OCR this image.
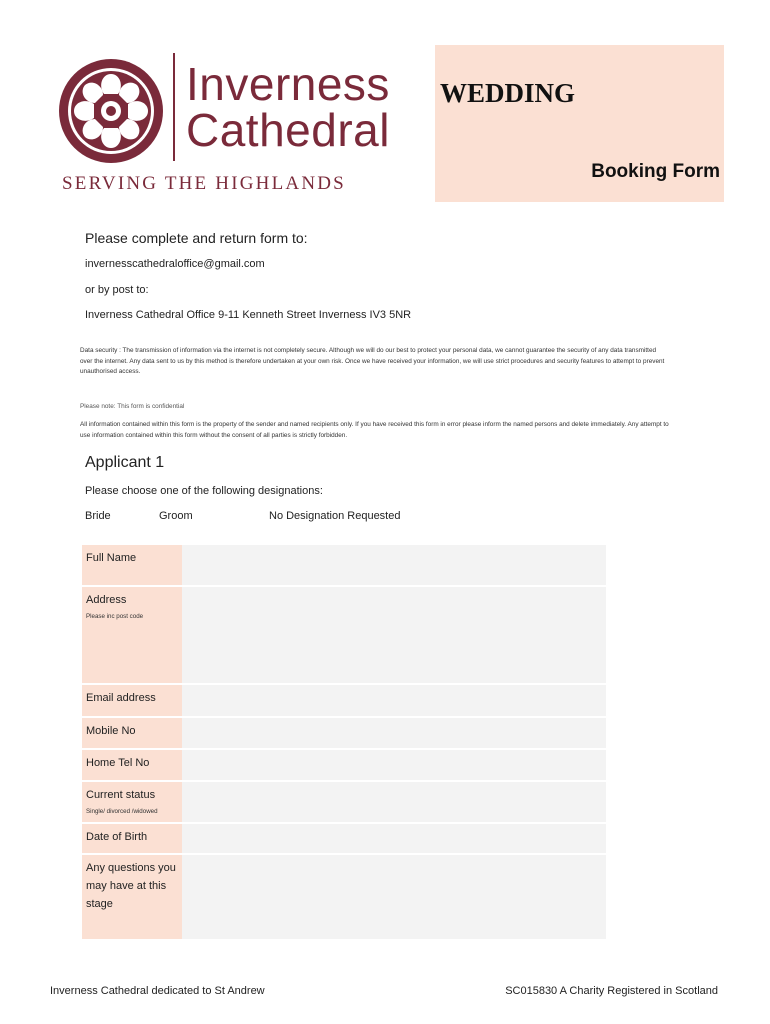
Inverness
Cathedral
SERVING THE HIGHLANDS
WEDDING
Booking Form
Please complete and return form to:
invernesscathedraloffice@gmail.com
or by post to:
Inverness Cathedral Office 9-11 Kenneth Street Inverness IV3 5NR
Data security : The transmission of information via the internet is not completely secure. Although we will do our best to protect your personal data, we cannot guarantee the security of any data transmitted over the internet. Any data sent to us by this method is therefore undertaken at your own risk. Once we have received your information, we will use strict procedures and security features to attempt to prevent unauthorised access.
Please note: This form is confidential
All information contained within this form is the property of the sender and named recipients only. If you have received this form in error please inform the named persons and delete immediately. Any attempt to use information contained within this form without the consent of all parties is strictly forbidden.
Applicant 1
Please choose one of the following designations:
Bride	Groom	No Designation Requested
Full Name
Address
Please inc post code
Email address
Mobile No
Home Tel No
Current status
Single/ divorced /widowed
Date of Birth
Any questions you may have at this stage
Inverness Cathedral dedicated to St Andrew	SC015830 A Charity Registered in Scotland
